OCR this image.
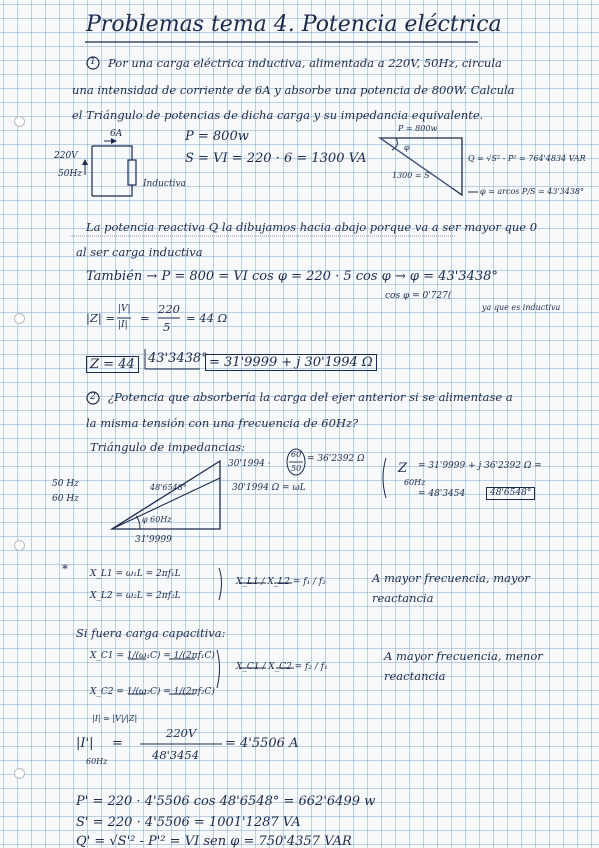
*
Problemas tema 4. Potencia eléctrica
1 Por una carga eléctrica inductiva, alimentada a 220V, 50Hz, circula
una intensidad de corriente de 6A y absorbe una potencia de 800W. Calcula
el Triángulo de potencias de dicha carga y su impedancia equivalente.
6A
220V
50Hz
Inductiva
P = 800w
S = VI = 220 · 6 = 1300 VA
P = 800w
φ
1300 = S
Q = √S² - P² = 764'4834 VAR
φ = arcos P/S = 43'3438°
La potencia reactiva Q la dibujamos hacia abajo porque va a ser mayor que 0
al ser carga inductiva
También → P = 800 = VI cos φ = 220 · 5 cos φ → φ = 43'3438°
cos φ = 0'727(
ya que es inductiva
|Z| =
|V|
|I| =
220
5
= 44 Ω
Z = 44	43'3438° = 31'9999 + j 30'1994 Ω
2 ¿Potencia que absorbería la carga del ejer anterior si se alimentase a
la misma tensión con una frecuencia de 60Hz?
Triángulo de impedancias:
50 Hz
60 Hz
30'1994 ·
60
50
= 36'2392 Ω
30'1994 Ω = ωL
48'6548°
φ 60Hz
31'9999
Z
60Hz
= 31'9999 + j 36'2392 Ω =
= 48'3454	48'6548°
X_L1 = ω₁L = 2πf₁L
X_L2 = ω₂L = 2πf₂L
X_L1 / X_L2 = f₁ / f₂	A mayor frecuencia, mayor reactancia
Si fuera carga capacitiva:
X_C1 = 1/(ω₁C) = 1/(2πf₁C)
X_C2 = 1/(ω₂C) = 1/(2πf₂C)
X_C1 / X_C2 = f₂ / f₁
A mayor frecuencia, menor reactancia
|I| = |V|/|Z|
|I'|
60Hz
=
220V
48'3454
= 4'5506 A
P' = 220 · 4'5506 cos 48'6548° = 662'6499 w
S' = 220 · 4'5506 = 1001'1287 VA
Q' = √S'² - P'² = VI sen φ = 750'4357 VAR
